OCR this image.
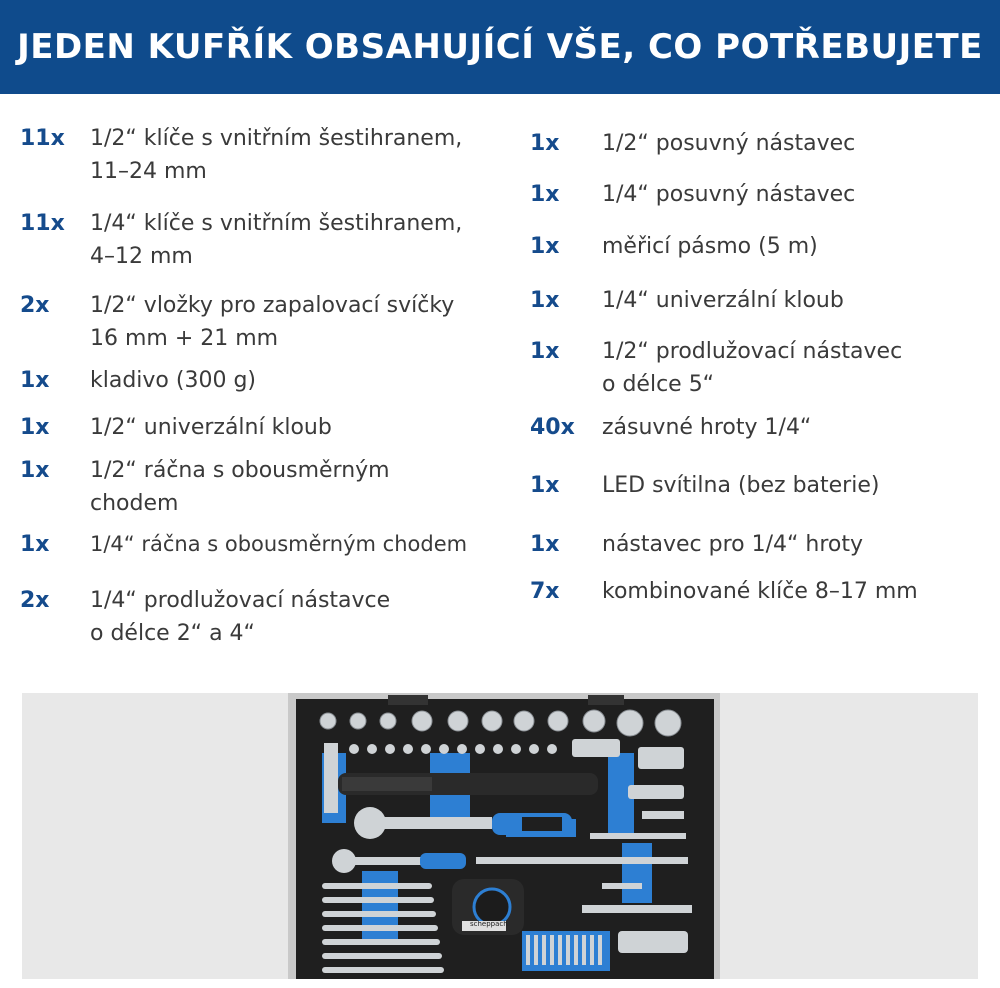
JEDEN KUFŘÍK OBSAHUJÍCÍ VŠE, CO POTŘEBUJETE
11x 1/2“ klíče s vnitřním šestihranem,
11–24 mm
11x 1/4“ klíče s vnitřním šestihranem,
4–12 mm
2x 1/2“ vložky pro zapalovací svíčky
16 mm + 21 mm
1x kladivo (300 g)
1x 1/2“ univerzální kloub
1x 1/2“ ráčna s obousměrným
chodem
1x 1/4“ ráčna s obousměrným chodem
2x 1/4“ prodlužovací nástavce
o délce 2“ a 4“
1x 1/2“ posuvný nástavec
1x 1/4“ posuvný nástavec
1x měřicí pásmo (5 m)
1x 1/4“ univerzální kloub
1x 1/2“ prodlužovací nástavec
o délce 5“
40x zásuvné hroty 1/4“
1x LED svítilna (bez baterie)
1x nástavec pro 1/4“ hroty
7x kombinované klíče 8–17 mm
scheppach
